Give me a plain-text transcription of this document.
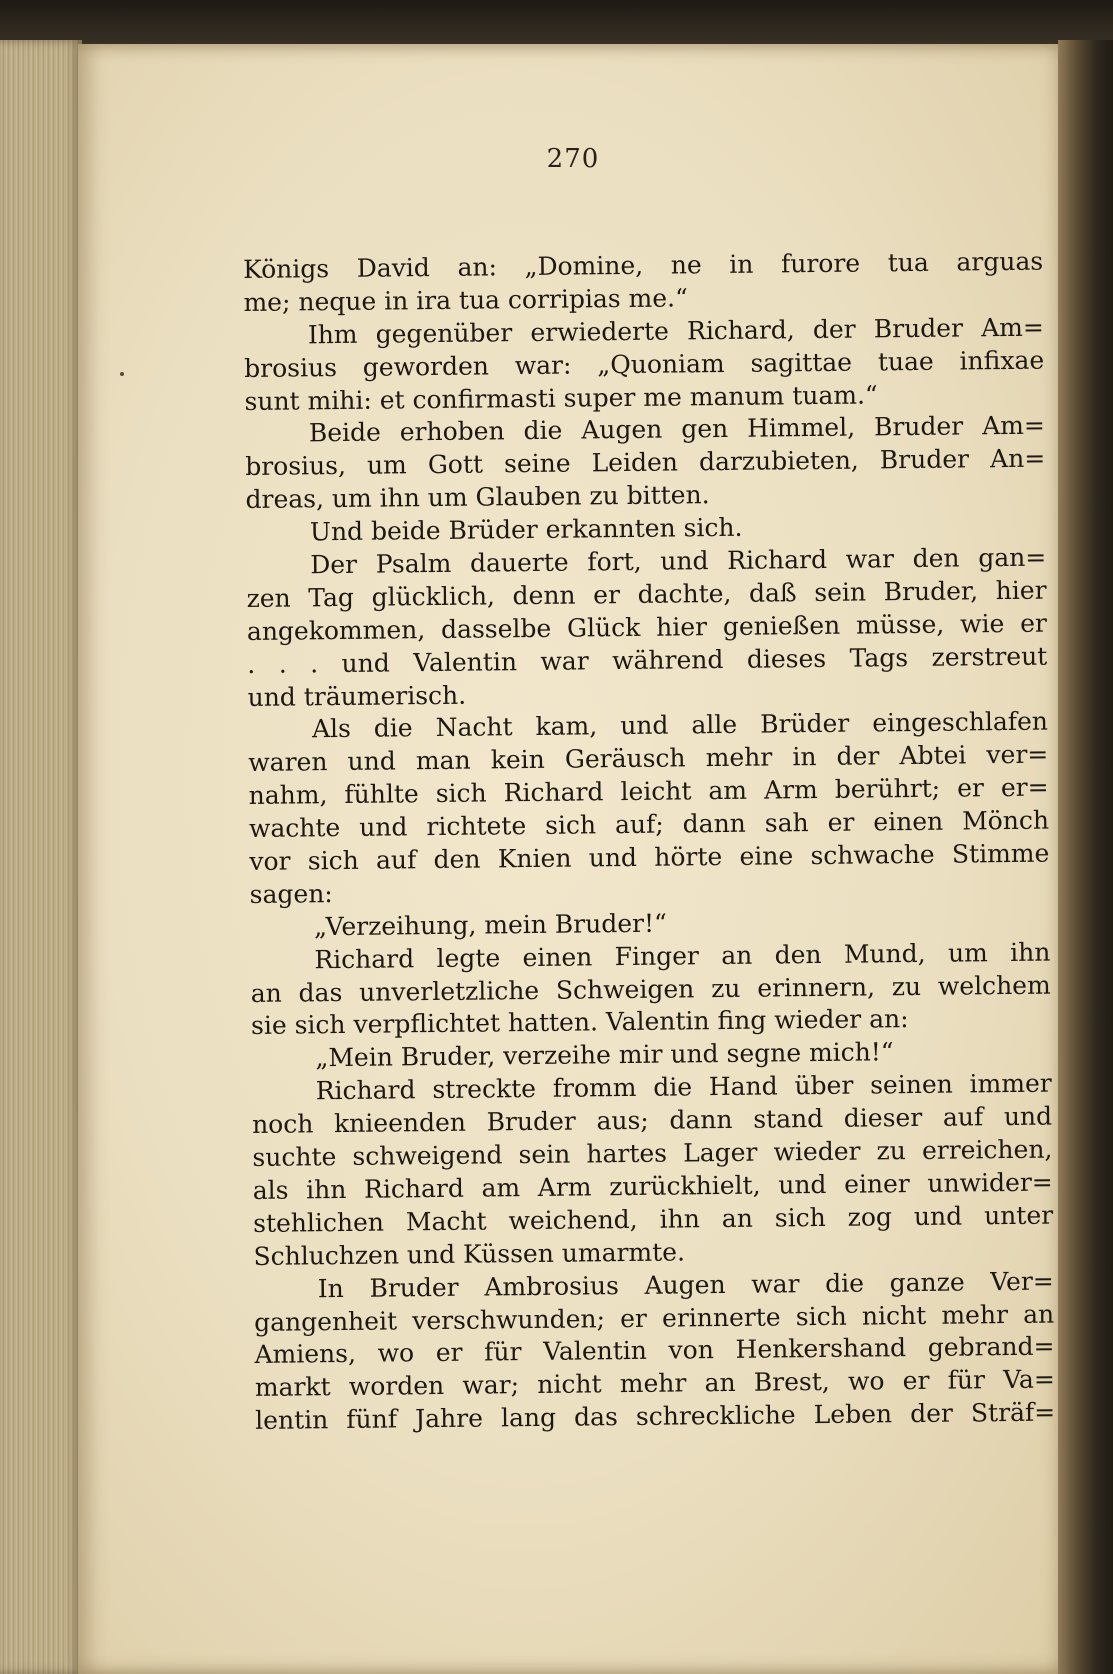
270
Königs David an: „Domine, ne in furore tua arguas
me; neque in ira tua corripias me.“
Ihm gegenüber erwiederte Richard, der Bruder Am=
brosius geworden war: „Quoniam sagittae tuae infixae
sunt mihi: et confirmasti super me manum tuam.“
Beide erhoben die Augen gen Himmel, Bruder Am=
brosius, um Gott seine Leiden darzubieten, Bruder An=
dreas, um ihn um Glauben zu bitten.
Und beide Brüder erkannten sich.
Der Psalm dauerte fort, und Richard war den gan=
zen Tag glücklich, denn er dachte, daß sein Bruder, hier
angekommen, dasselbe Glück hier genießen müsse, wie er
. . . und Valentin war während dieses Tags zerstreut
und träumerisch.
Als die Nacht kam, und alle Brüder eingeschlafen
waren und man kein Geräusch mehr in der Abtei ver=
nahm, fühlte sich Richard leicht am Arm berührt; er er=
wachte und richtete sich auf; dann sah er einen Mönch
vor sich auf den Knien und hörte eine schwache Stimme
sagen:
„Verzeihung, mein Bruder!“
Richard legte einen Finger an den Mund, um ihn
an das unverletzliche Schweigen zu erinnern, zu welchem
sie sich verpflichtet hatten. Valentin fing wieder an:
„Mein Bruder, verzeihe mir und segne mich!“
Richard streckte fromm die Hand über seinen immer
noch knieenden Bruder aus; dann stand dieser auf und
suchte schweigend sein hartes Lager wieder zu erreichen,
als ihn Richard am Arm zurückhielt, und einer unwider=
stehlichen Macht weichend, ihn an sich zog und unter
Schluchzen und Küssen umarmte.
In Bruder Ambrosius Augen war die ganze Ver=
gangenheit verschwunden; er erinnerte sich nicht mehr an
Amiens, wo er für Valentin von Henkershand gebrand=
markt worden war; nicht mehr an Brest, wo er für Va=
lentin fünf Jahre lang das schreckliche Leben der Sträf=
